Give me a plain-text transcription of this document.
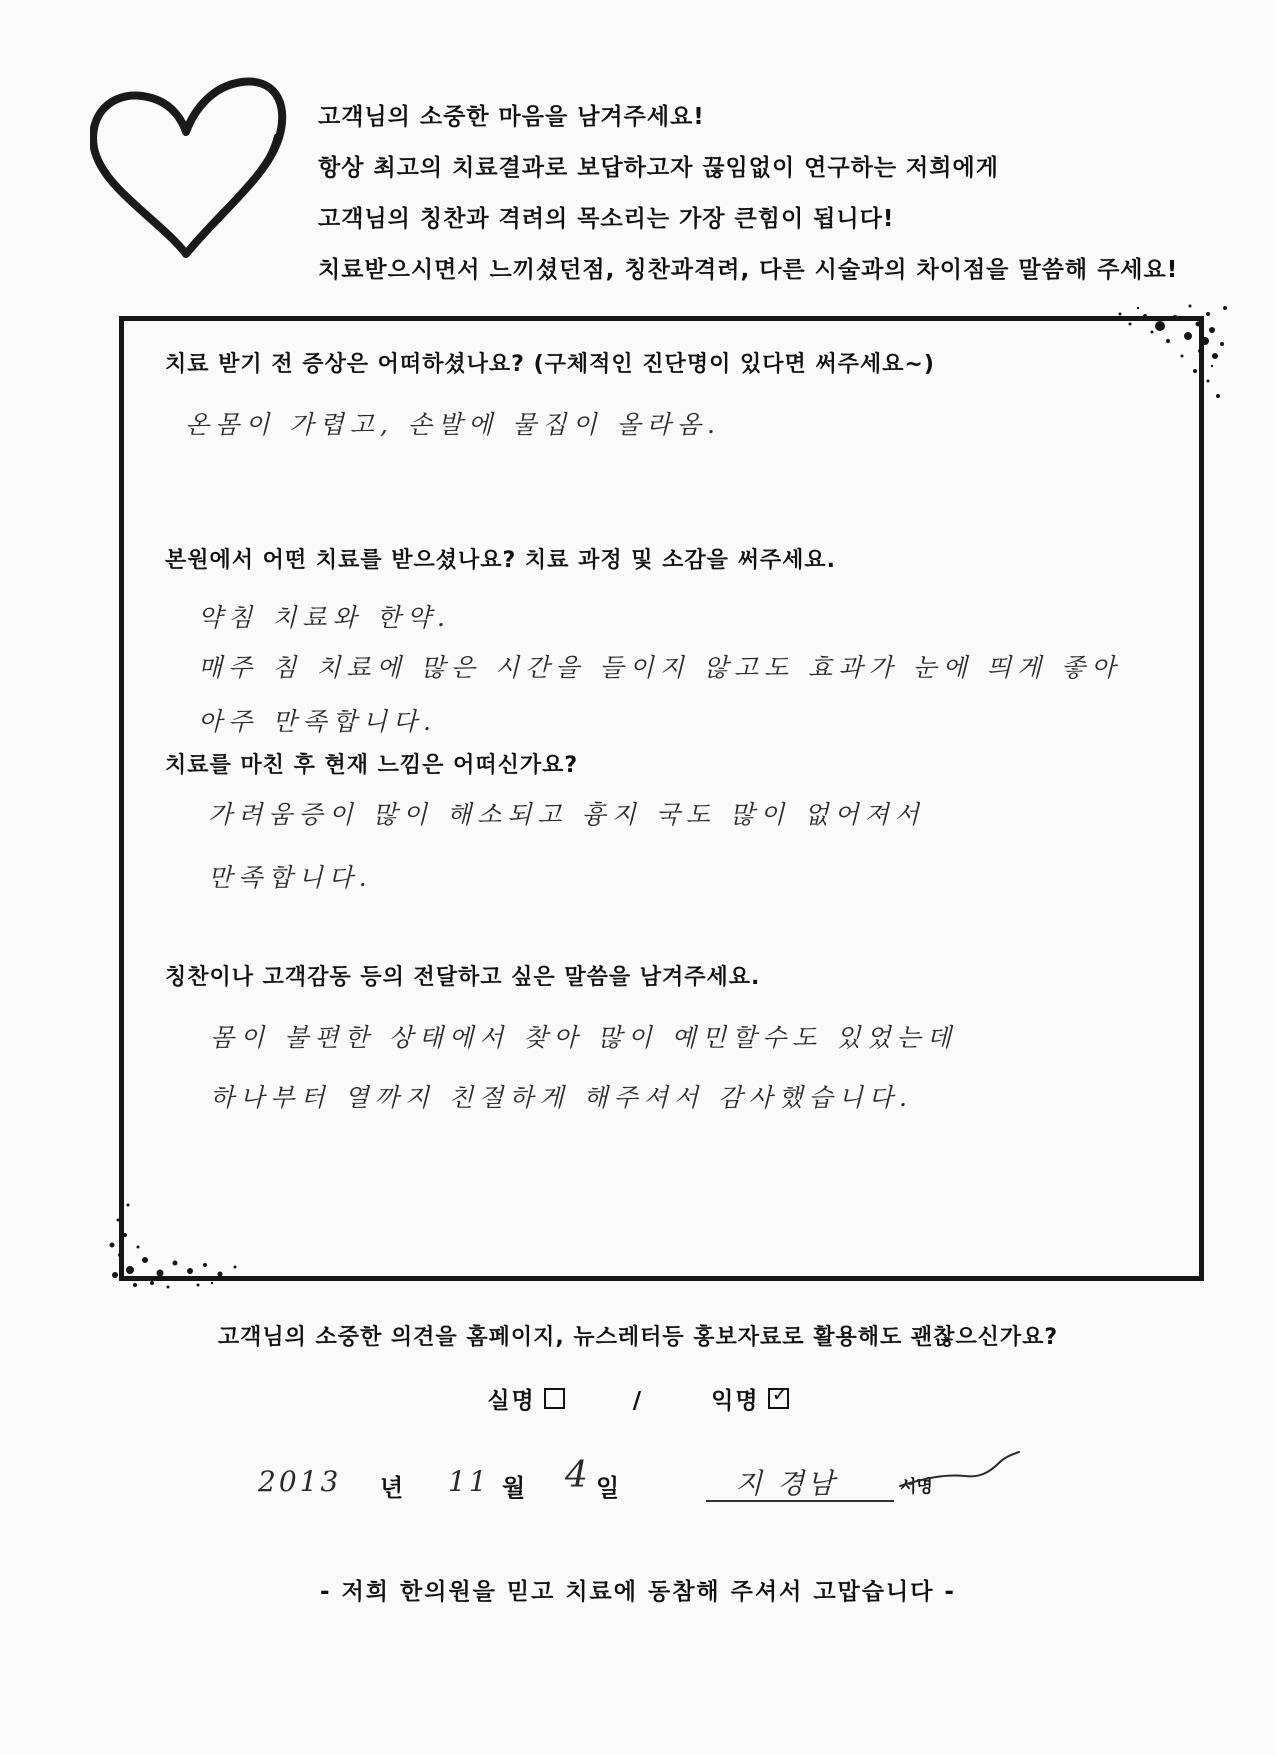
고객님의 소중한 마음을 남겨주세요!
항상 최고의 치료결과로 보답하고자 끊임없이 연구하는 저희에게
고객님의 칭찬과 격려의 목소리는 가장 큰힘이 됩니다!
치료받으시면서 느끼셨던점, 칭찬과격려, 다른 시술과의 차이점을 말씀해 주세요!
치료 받기 전 증상은 어떠하셨나요? (구체적인 진단명이 있다면 써주세요~)
온몸이 가렵고, 손발에 물집이 올라옴.
본원에서 어떤 치료를 받으셨나요? 치료 과정 및 소감을 써주세요.
약침 치료와 한약.
매주 침 치료에 많은 시간을 들이지 않고도 효과가 눈에 띄게 좋아
아주 만족합니다.
치료를 마친 후 현재 느낌은 어떠신가요?
가려움증이 많이 해소되고 흉지 국도 많이 없어져서
만족합니다.
칭찬이나 고객감동 등의 전달하고 싶은 말씀을 남겨주세요.
몸이 불편한 상태에서 찾아 많이 예민할수도 있었는데
하나부터 열까지 친절하게 해주셔서 감사했습니다.
고객님의 소중한 의견을 홈페이지, 뉴스레터등 홍보자료로 활용해도 괜찮으신가요?
실명	/	익명 ✓
2013 년 11 월 4 일	지 경남	서명
- 저희 한의원을 믿고 치료에 동참해 주셔서 고맙습니다 -
